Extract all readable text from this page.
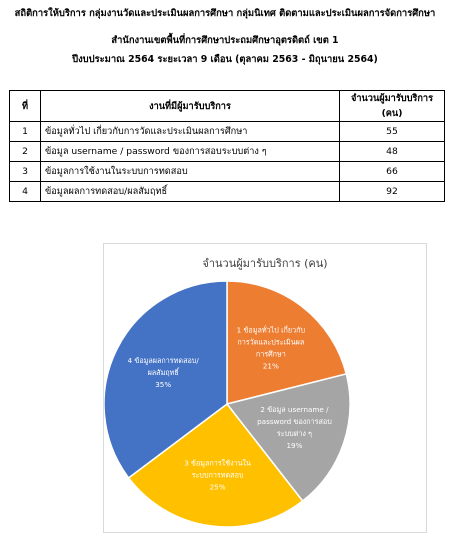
สถิติการให้บริการ กลุ่มงานวัดและประเมินผลการศึกษา กลุ่มนิเทศ ติดตามและประเมินผลการจัดการศึกษา
สำนักงานเขตพื้นที่การศึกษาประถมศึกษาอุตรดิตถ์ เขต 1
ปีงบประมาณ 2564 ระยะเวลา 9 เดือน (ตุลาคม 2563 - มิถุนายน 2564)
ที่	งานที่มีผู้มารับบริการ	จำนวนผู้มารับบริการ (คน)
1	ข้อมูลทั่วไป เกี่ยวกับการวัดและประเมินผลการศึกษา	55
2	ข้อมูล username / password ของการสอบระบบต่าง ๆ	48
3	ข้อมูลการใช้งานในระบบการทดสอบ	66
4	ข้อมูลผลการทดสอบ/ผลสัมฤทธิ์	92
จำนวนผู้มารับบริการ (คน)
1 ข้อมูลทั่วไป เกี่ยวกับการวัดและประเมินผลการศึกษา 21%
2 ข้อมูล username / password ของการสอบระบบต่าง ๆ 19%
3 ข้อมูลการใช้งานในระบบการทดสอบ 25%
4 ข้อมูลผลการทดสอบ/ผลสัมฤทธิ์ 35%
